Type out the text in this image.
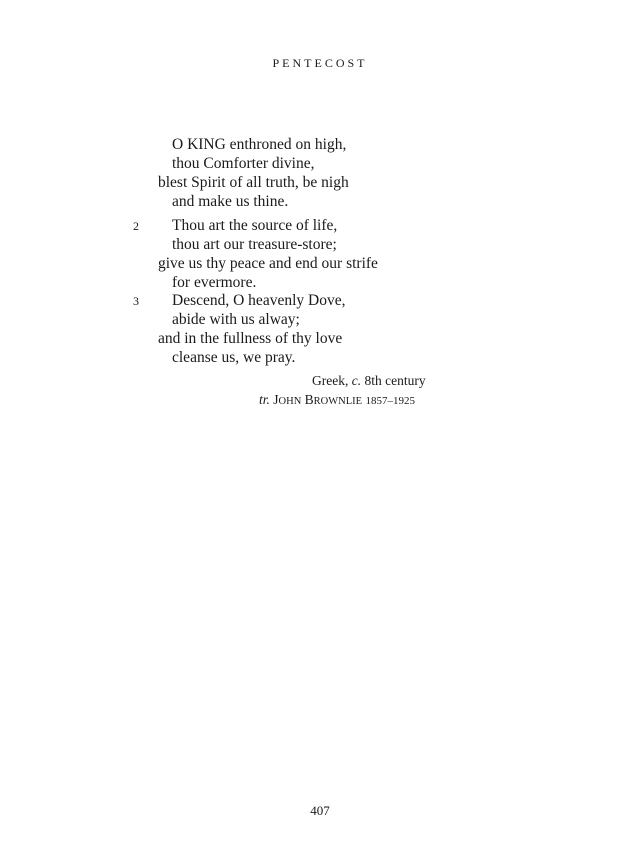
PENTECOST
O KING enthroned on high,
thou Comforter divine,
blest Spirit of all truth, be nigh
and make us thine.
2 Thou art the source of life,
thou art our treasure-store;
give us thy peace and end our strife
for evermore.
3 Descend, O heavenly Dove,
abide with us alway;
and in the fullness of thy love
cleanse us, we pray.
Greek, c. 8th century
tr. JOHN BROWNLIE 1857–1925
407
